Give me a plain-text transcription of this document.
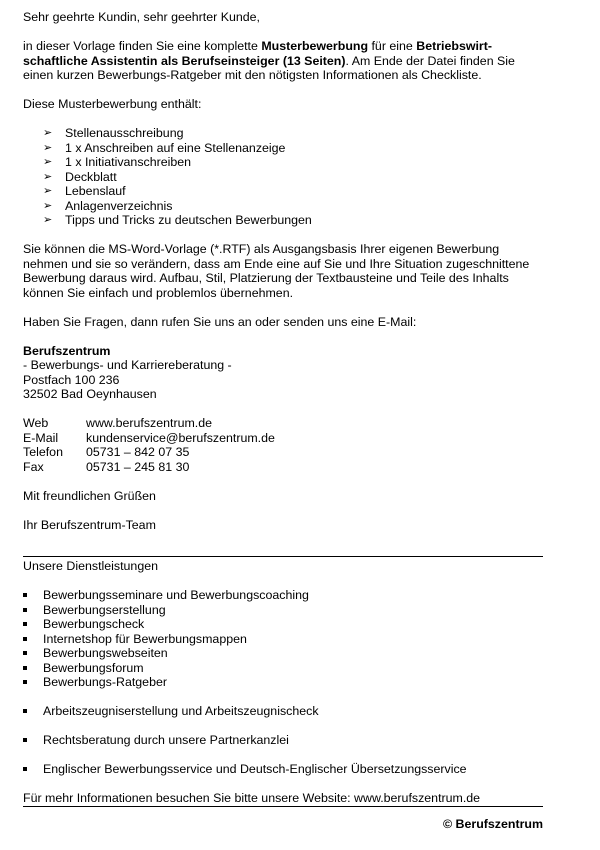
Sehr geehrte Kundin, sehr geehrter Kunde,

in dieser Vorlage finden Sie eine komplette Musterbewerbung für eine Betriebswirt-schaftliche Assistentin als Berufseinsteiger (13 Seiten). Am Ende der Datei finden Sie einen kurzen Bewerbungs-Ratgeber mit den nötigsten Informationen als Checkliste.

Diese Musterbewerbung enthält:

➢ Stellenausschreibung
➢ 1 x Anschreiben auf eine Stellenanzeige
➢ 1 x Initiativanschreiben
➢ Deckblatt
➢ Lebenslauf
➢ Anlagenverzeichnis
➢ Tipps und Tricks zu deutschen Bewerbungen

Sie können die MS-Word-Vorlage (*.RTF) als Ausgangsbasis Ihrer eigenen Bewerbung nehmen und sie so verändern, dass am Ende eine auf Sie und Ihre Situation zugeschnittene Bewerbung daraus wird. Aufbau, Stil, Platzierung der Textbausteine und Teile des Inhalts können Sie einfach und problemlos übernehmen.

Haben Sie Fragen, dann rufen Sie uns an oder senden uns eine E-Mail:

Berufszentrum

- Bewerbungs- und Karriereberatung -

Postfach 100 236

32502 Bad Oeynhausen

Web	www.berufszentrum.de
E-Mail	kundenservice@berufszentrum.de
Telefon	05731 – 842 07 35
Fax	05731 – 245 81 30

Mit freundlichen Grüßen

Ihr Berufszentrum-Team

Unsere Dienstleistungen

Bewerbungsseminare und Bewerbungscoaching
Bewerbungserstellung
Bewerbungscheck
Internetshop für Bewerbungsmappen
Bewerbungswebseiten
Bewerbungsforum
Bewerbungs-Ratgeber
Arbeitszeugniserstellung und Arbeitszeugnischeck
Rechtsberatung durch unsere Partnerkanzlei
Englischer Bewerbungsservice und Deutsch-Englischer Übersetzungsservice

Für mehr Informationen besuchen Sie bitte unsere Website: www.berufszentrum.de

© Berufszentrum
